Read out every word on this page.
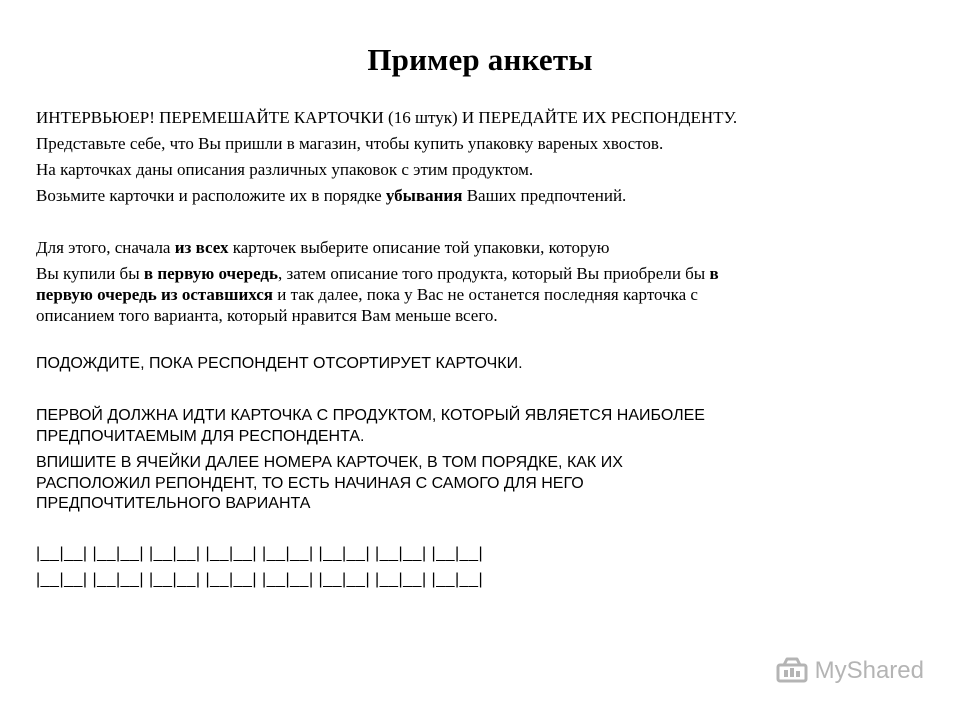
Пример анкеты

ИНТЕРВЬЮЕР! ПЕРЕМЕШАЙТЕ КАРТОЧКИ (16 штук) И ПЕРЕДАЙТЕ ИХ РЕСПОНДЕНТУ.

Представьте себе, что Вы пришли в магазин, чтобы купить упаковку вареных хвостов.

На карточках даны описания различных упаковок с этим продуктом.

Возьмите карточки и расположите их в порядке убывания Ваших предпочтений.

Для этого, сначала из всех карточек выберите описание той упаковки, которую

Вы купили бы в первую очередь, затем описание того продукта, который Вы приобрели бы в

первую очередь из оставшихся и так далее, пока у Вас не останется последняя карточка с

описанием того варианта, который нравится Вам меньше всего.

ПОДОЖДИТЕ, ПОКА РЕСПОНДЕНТ ОТСОРТИРУЕТ КАРТОЧКИ.

ПЕРВОЙ ДОЛЖНА ИДТИ КАРТОЧКА С ПРОДУКТОМ, КОТОРЫЙ ЯВЛЯЕТСЯ НАИБОЛЕЕ

ПРЕДПОЧИТАЕМЫМ ДЛЯ РЕСПОНДЕНТА.

ВПИШИТЕ В ЯЧЕЙКИ ДАЛЕЕ НОМЕРА КАРТОЧЕК, В ТОМ ПОРЯДКЕ, КАК ИХ

РАСПОЛОЖИЛ РЕПОНДЕНТ, ТО ЕСТЬ НАЧИНАЯ С САМОГО ДЛЯ НЕГО

ПРЕДПОЧТИТЕЛЬНОГО ВАРИАНТА

|__|__| |__|__| |__|__| |__|__| |__|__| |__|__| |__|__| |__|__|

|__|__| |__|__| |__|__| |__|__| |__|__| |__|__| |__|__| |__|__|

MyShared
